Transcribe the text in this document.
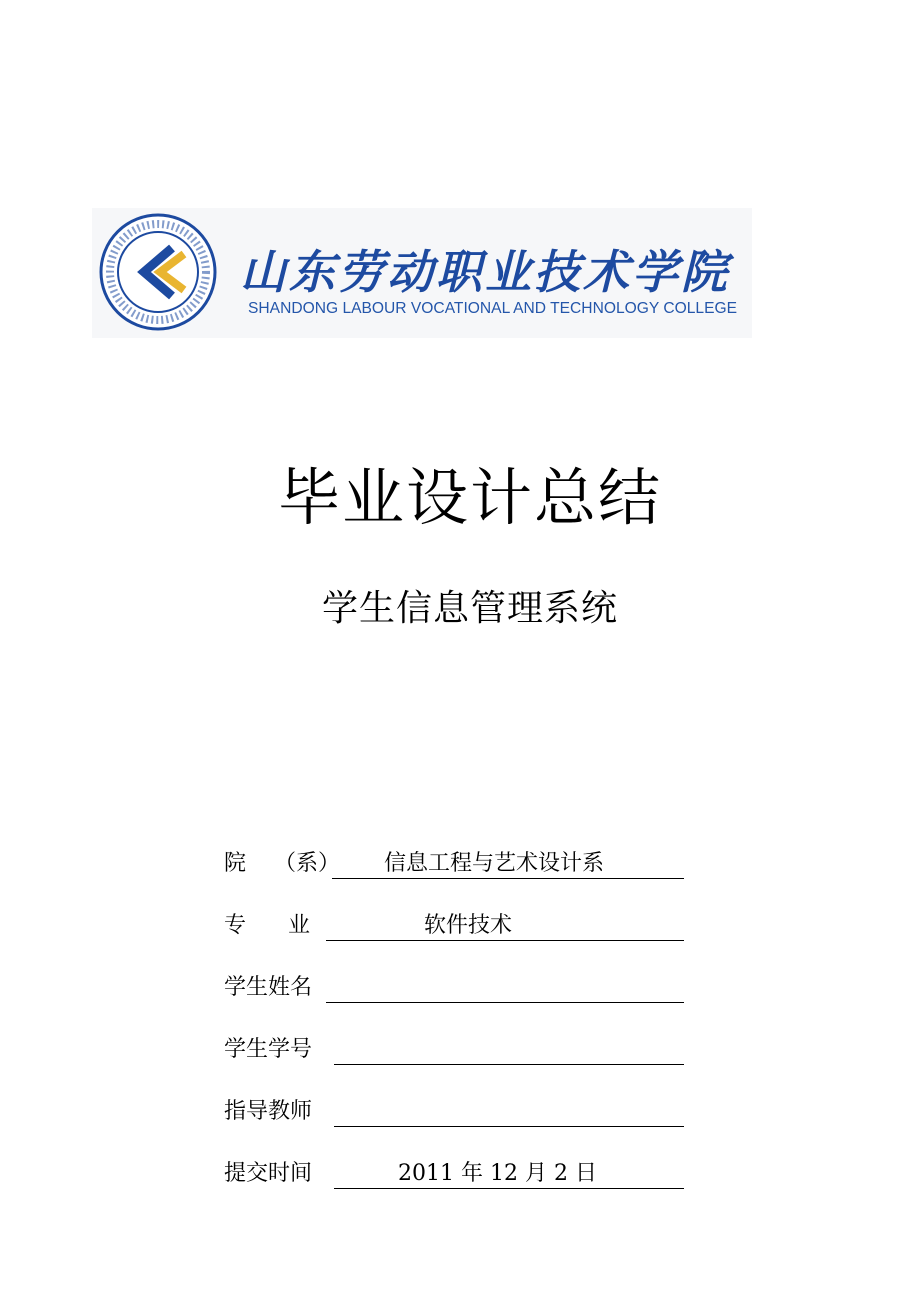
山东劳动职业技术学院
SHANDONG LABOUR VOCATIONAL AND TECHNOLOGY COLLEGE
毕业设计总结
学生信息管理系统
院    （系） 信息工程与艺术设计系
专      业	软件技术
学生姓名
学生学号
指导教师
提交时间	2011 年 12 月 2 日
